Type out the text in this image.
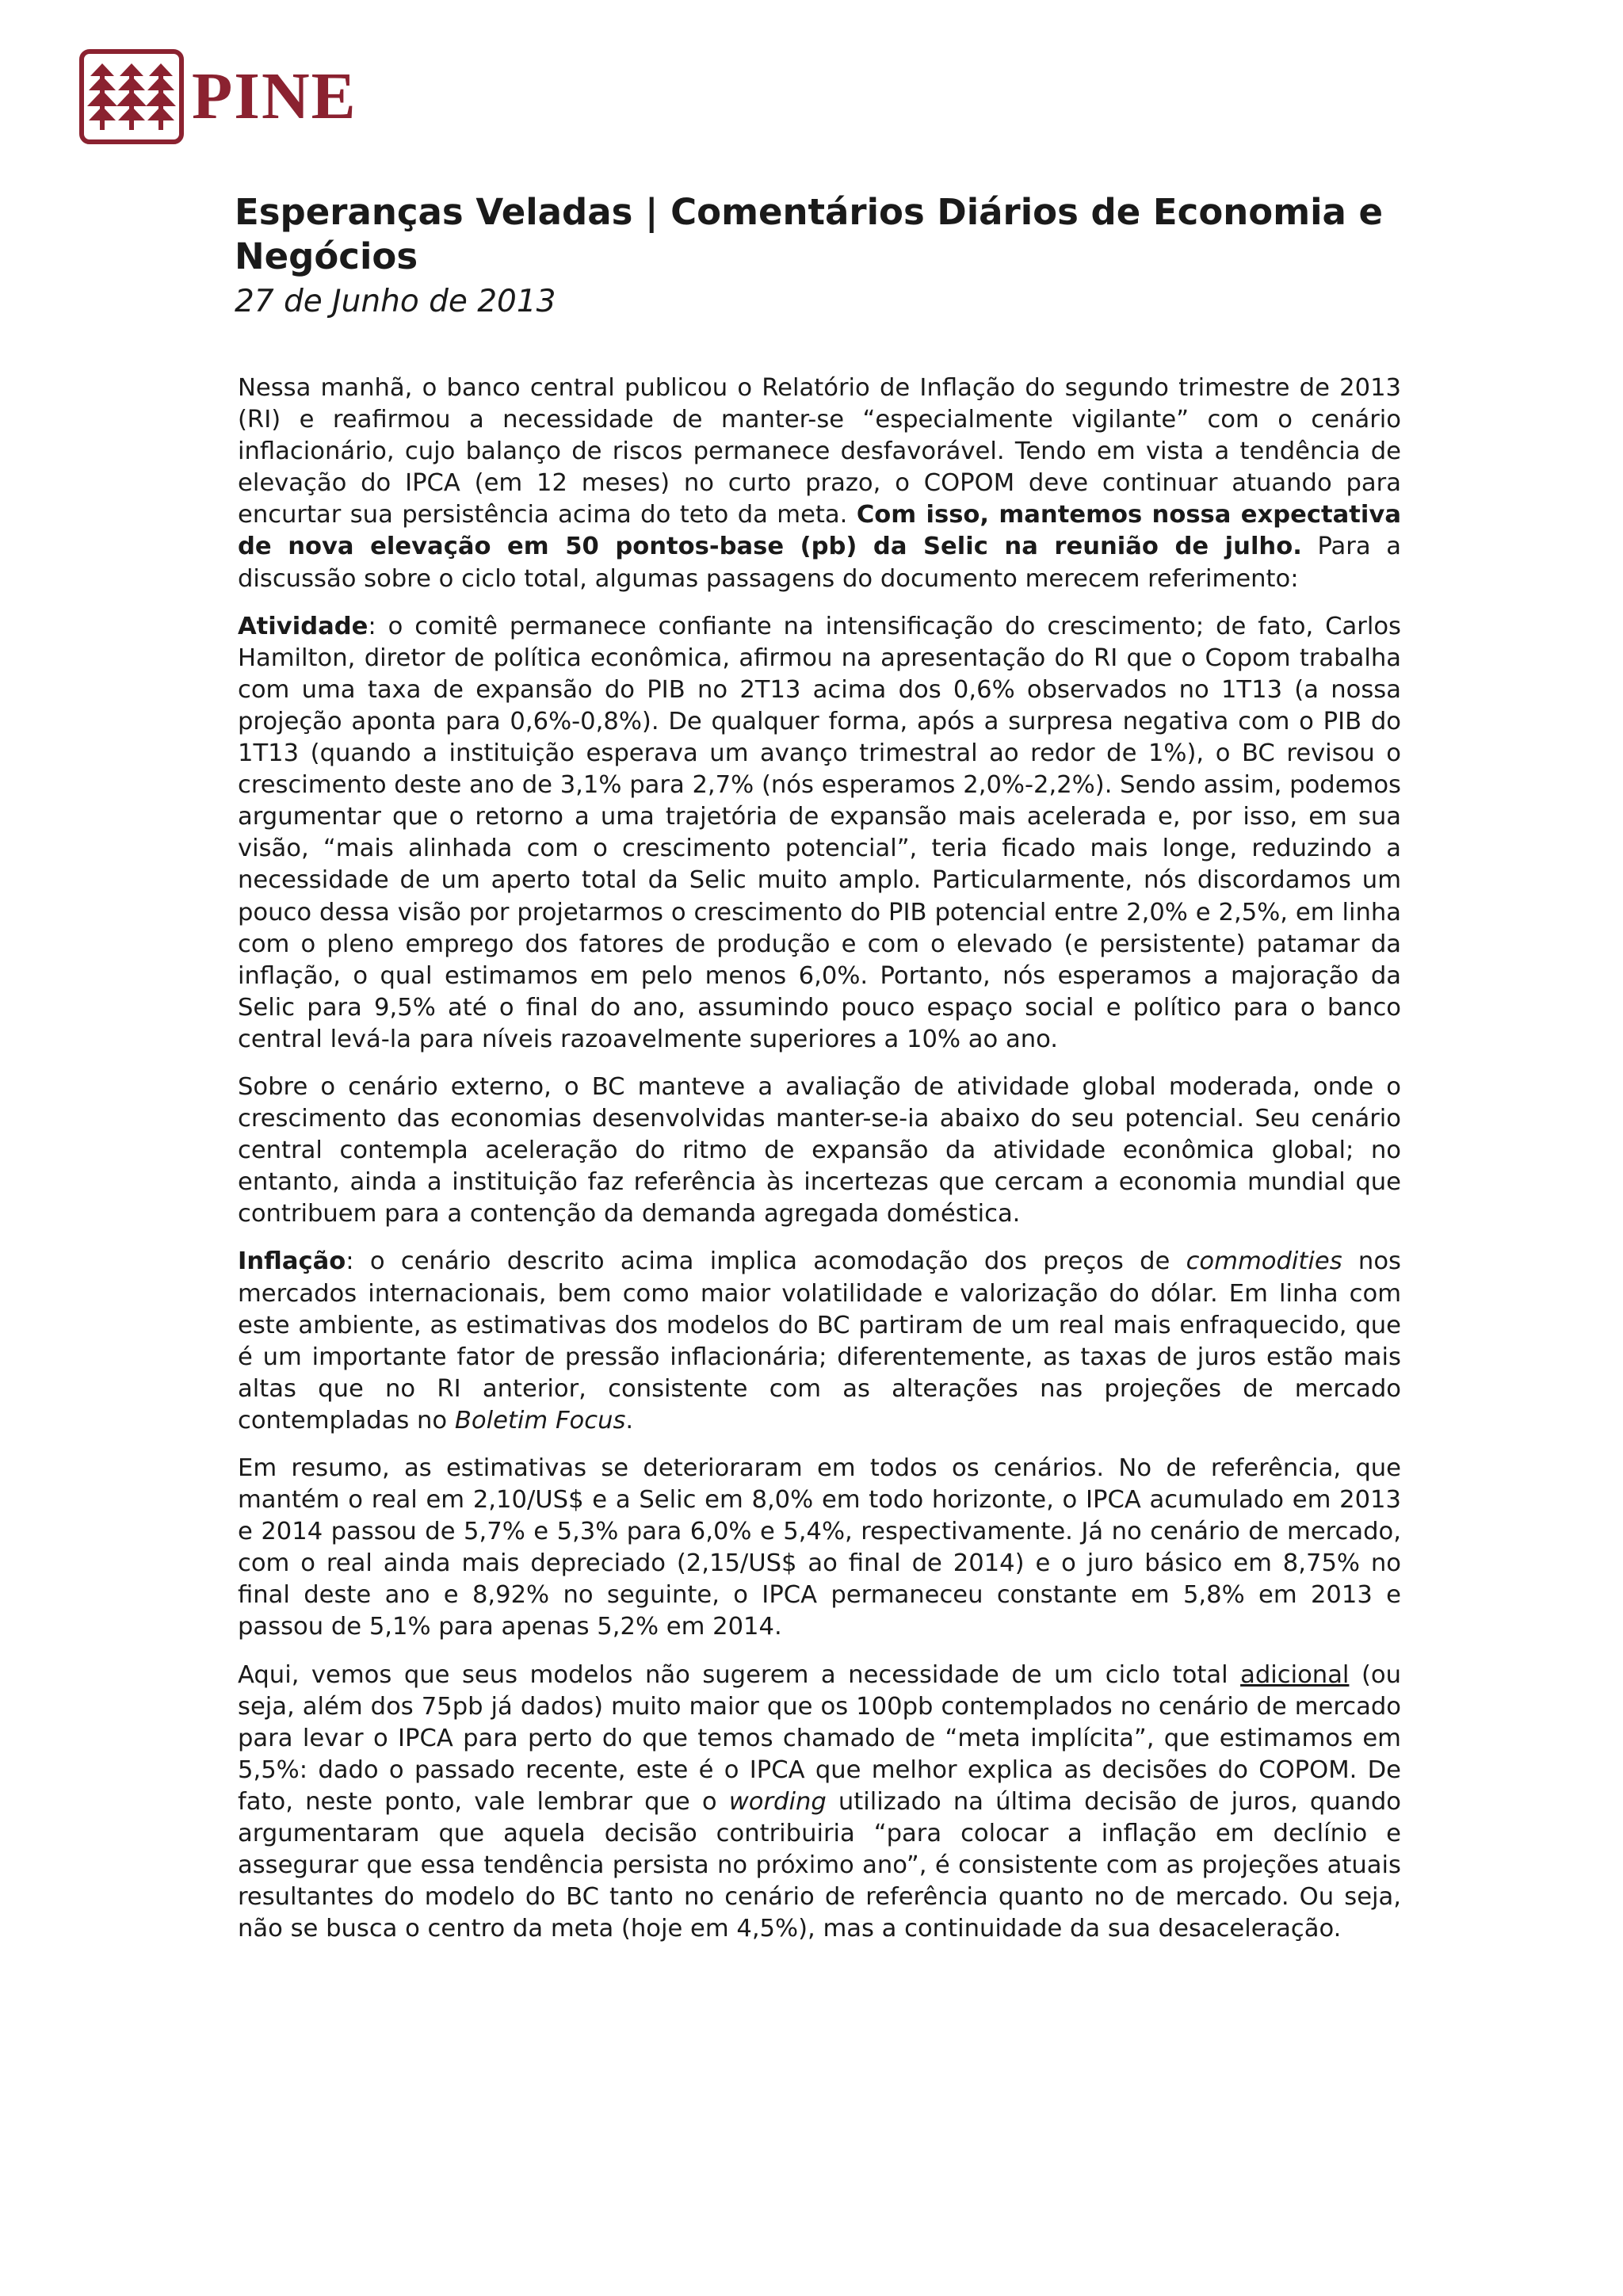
PINE
Esperanças Veladas | Comentários Diários de Economia e Negócios

27 de Junho de 2013

Nessa manhã, o banco central publicou o Relatório de Inflação do segundo trimestre de 2013 (RI) e reafirmou a necessidade de manter-se “especialmente vigilante” com o cenário inflacionário, cujo balanço de riscos permanece desfavorável. Tendo em vista a tendência de elevação do IPCA (em 12 meses) no curto prazo, o COPOM deve continuar atuando para encurtar sua persistência acima do teto da meta. Com isso, mantemos nossa expectativa de nova elevação em 50 pontos-base (pb) da Selic na reunião de julho. Para a discussão sobre o ciclo total, algumas passagens do documento merecem referimento:

Atividade: o comitê permanece confiante na intensificação do crescimento; de fato, Carlos Hamilton, diretor de política econômica, afirmou na apresentação do RI que o Copom trabalha com uma taxa de expansão do PIB no 2T13 acima dos 0,6% observados no 1T13 (a nossa projeção aponta para 0,6%-0,8%). De qualquer forma, após a surpresa negativa com o PIB do 1T13 (quando a instituição esperava um avanço trimestral ao redor de 1%), o BC revisou o crescimento deste ano de 3,1% para 2,7% (nós esperamos 2,0%-2,2%). Sendo assim, podemos argumentar que o retorno a uma trajetória de expansão mais acelerada e, por isso, em sua visão, “mais alinhada com o crescimento potencial”, teria ficado mais longe, reduzindo a necessidade de um aperto total da Selic muito amplo. Particularmente, nós discordamos um pouco dessa visão por projetarmos o crescimento do PIB potencial entre 2,0% e 2,5%, em linha com o pleno emprego dos fatores de produção e com o elevado (e persistente) patamar da inflação, o qual estimamos em pelo menos 6,0%. Portanto, nós esperamos a majoração da Selic para 9,5% até o final do ano, assumindo pouco espaço social e político para o banco central levá-la para níveis razoavelmente superiores a 10% ao ano.

Sobre o cenário externo, o BC manteve a avaliação de atividade global moderada, onde o crescimento das economias desenvolvidas manter-se-ia abaixo do seu potencial. Seu cenário central contempla aceleração do ritmo de expansão da atividade econômica global; no entanto, ainda a instituição faz referência às incertezas que cercam a economia mundial que contribuem para a contenção da demanda agregada doméstica.

Inflação: o cenário descrito acima implica acomodação dos preços de commodities nos mercados internacionais, bem como maior volatilidade e valorização do dólar. Em linha com este ambiente, as estimativas dos modelos do BC partiram de um real mais enfraquecido, que é um importante fator de pressão inflacionária; diferentemente, as taxas de juros estão mais altas que no RI anterior, consistente com as alterações nas projeções de mercado contempladas no Boletim Focus.

Em resumo, as estimativas se deterioraram em todos os cenários. No de referência, que mantém o real em 2,10/US$ e a Selic em 8,0% em todo horizonte, o IPCA acumulado em 2013 e 2014 passou de 5,7% e 5,3% para 6,0% e 5,4%, respectivamente. Já no cenário de mercado, com o real ainda mais depreciado (2,15/US$ ao final de 2014) e o juro básico em 8,75% no final deste ano e 8,92% no seguinte, o IPCA permaneceu constante em 5,8% em 2013 e passou de 5,1% para apenas 5,2% em 2014.

Aqui, vemos que seus modelos não sugerem a necessidade de um ciclo total adicional (ou seja, além dos 75pb já dados) muito maior que os 100pb contemplados no cenário de mercado para levar o IPCA para perto do que temos chamado de “meta implícita”, que estimamos em 5,5%: dado o passado recente, este é o IPCA que melhor explica as decisões do COPOM. De fato, neste ponto, vale lembrar que o wording utilizado na última decisão de juros, quando argumentaram que aquela decisão contribuiria “para colocar a inflação em declínio e assegurar que essa tendência persista no próximo ano”, é consistente com as projeções atuais resultantes do modelo do BC tanto no cenário de referência quanto no de mercado. Ou seja, não se busca o centro da meta (hoje em 4,5%), mas a continuidade da sua desaceleração.
